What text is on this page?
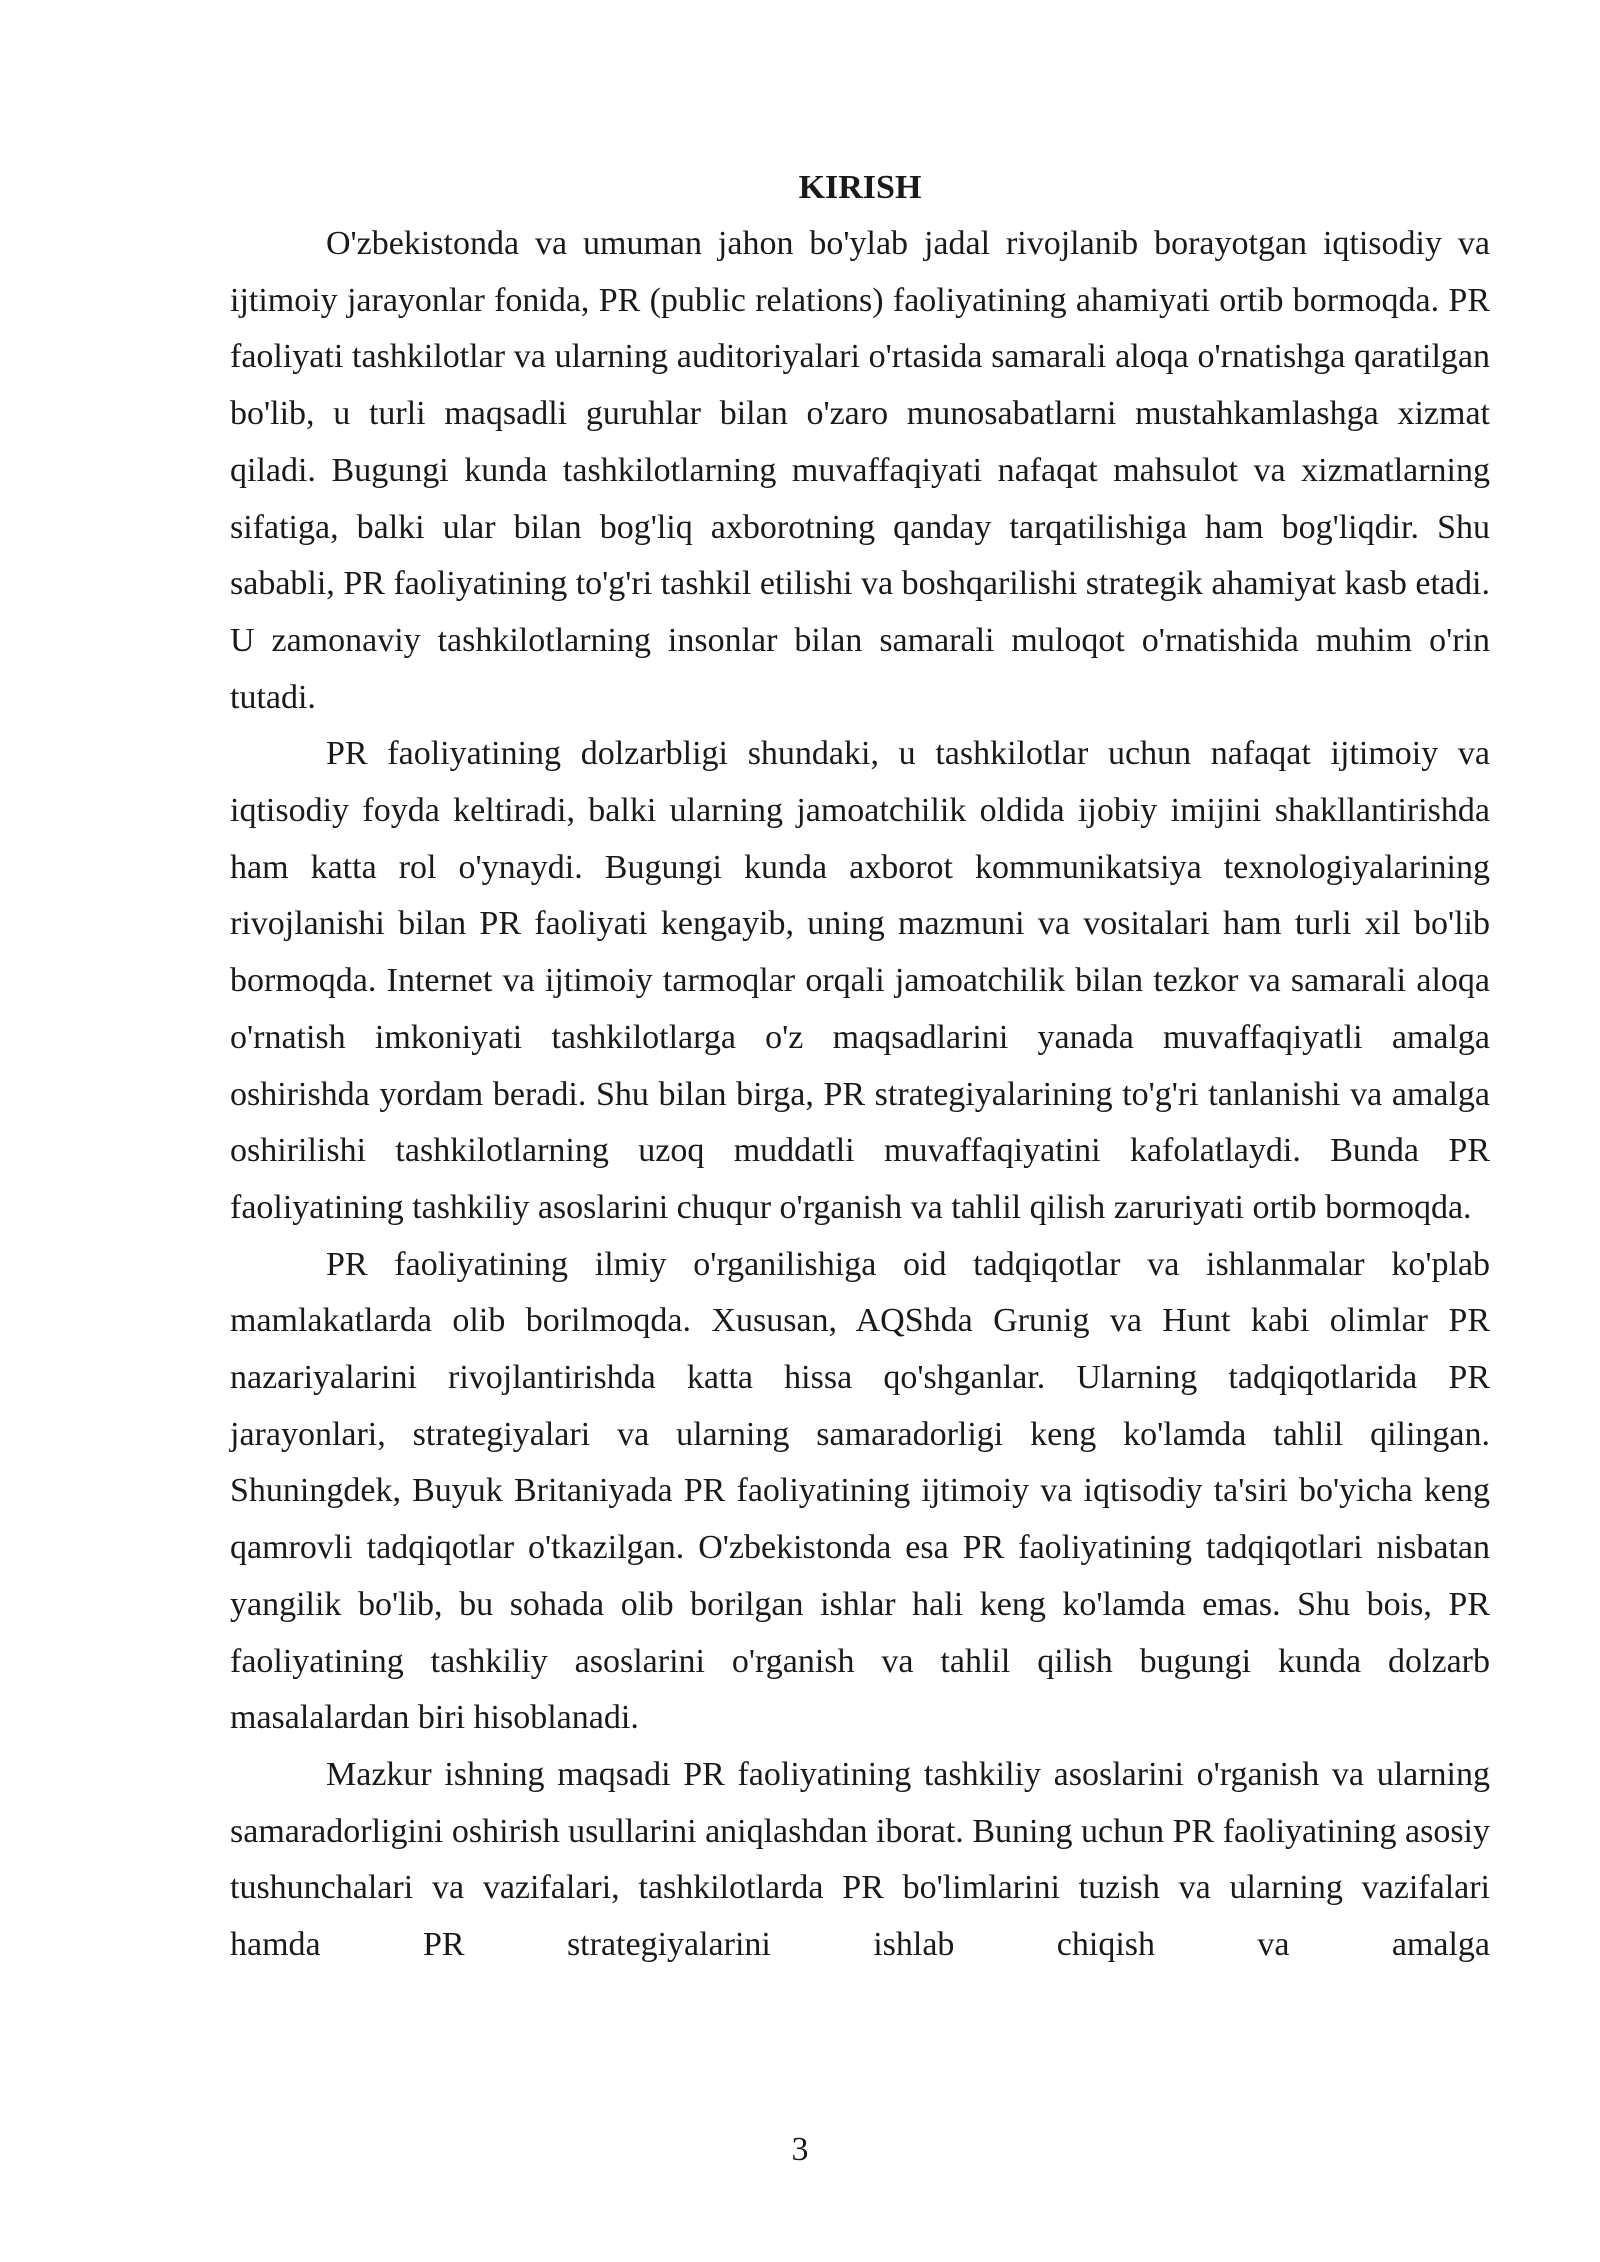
KIRISH

O'zbekistonda va umuman jahon bo'ylab jadal rivojlanib borayotgan iqtisodiy va ijtimoiy jarayonlar fonida, PR (public relations) faoliyatining ahamiyati ortib bormoqda. PR faoliyati tashkilotlar va ularning auditoriyalari o'rtasida samarali aloqa o'rnatishga qaratilgan bo'lib, u turli maqsadli guruhlar bilan o'zaro munosabatlarni mustahkamlashga xizmat qiladi. Bugungi kunda tashkilotlarning muvaffaqiyati nafaqat mahsulot va xizmatlarning sifatiga, balki ular bilan bog'liq axborotning qanday tarqatilishiga ham bog'liqdir. Shu sababli, PR faoliyatining to'g'ri tashkil etilishi va boshqarilishi strategik ahamiyat kasb etadi. U zamonaviy tashkilotlarning insonlar bilan samarali muloqot o'rnatishida muhim o'rin tutadi.

PR faoliyatining dolzarbligi shundaki, u tashkilotlar uchun nafaqat ijtimoiy va iqtisodiy foyda keltiradi, balki ularning jamoatchilik oldida ijobiy imijini shakllantirishda ham katta rol o'ynaydi. Bugungi kunda axborot kommunikatsiya texnologiyalarining rivojlanishi bilan PR faoliyati kengayib, uning mazmuni va vositalari ham turli xil bo'lib bormoqda. Internet va ijtimoiy tarmoqlar orqali jamoatchilik bilan tezkor va samarali aloqa o'rnatish imkoniyati tashkilotlarga o'z maqsadlarini yanada muvaffaqiyatli amalga oshirishda yordam beradi. Shu bilan birga, PR strategiyalarining to'g'ri tanlanishi va amalga oshirilishi tashkilotlarning uzoq muddatli muvaffaqiyatini kafolatlaydi. Bunda PR faoliyatining tashkiliy asoslarini chuqur o'rganish va tahlil qilish zaruriyati ortib bormoqda.

PR faoliyatining ilmiy o'rganilishiga oid tadqiqotlar va ishlanmalar ko'plab mamlakatlarda olib borilmoqda. Xususan, AQShda Grunig va Hunt kabi olimlar PR nazariyalarini rivojlantirishda katta hissa qo'shganlar. Ularning tadqiqotlarida PR jarayonlari, strategiyalari va ularning samaradorligi keng ko'lamda tahlil qilingan. Shuningdek, Buyuk Britaniyada PR faoliyatining ijtimoiy va iqtisodiy ta'siri bo'yicha keng qamrovli tadqiqotlar o'tkazilgan. O'zbekistonda esa PR faoliyatining tadqiqotlari nisbatan yangilik bo'lib, bu sohada olib borilgan ishlar hali keng ko'lamda emas. Shu bois, PR faoliyatining tashkiliy asoslarini o'rganish va tahlil qilish bugungi kunda dolzarb masalalardan biri hisoblanadi.

Mazkur ishning maqsadi PR faoliyatining tashkiliy asoslarini o'rganish va ularning samaradorligini oshirish usullarini aniqlashdan iborat. Buning uchun PR faoliyatining asosiy tushunchalari va vazifalari, tashkilotlarda PR bo'limlarini tuzish va ularning vazifalari hamda PR strategiyalarini ishlab chiqish va amalga

3
